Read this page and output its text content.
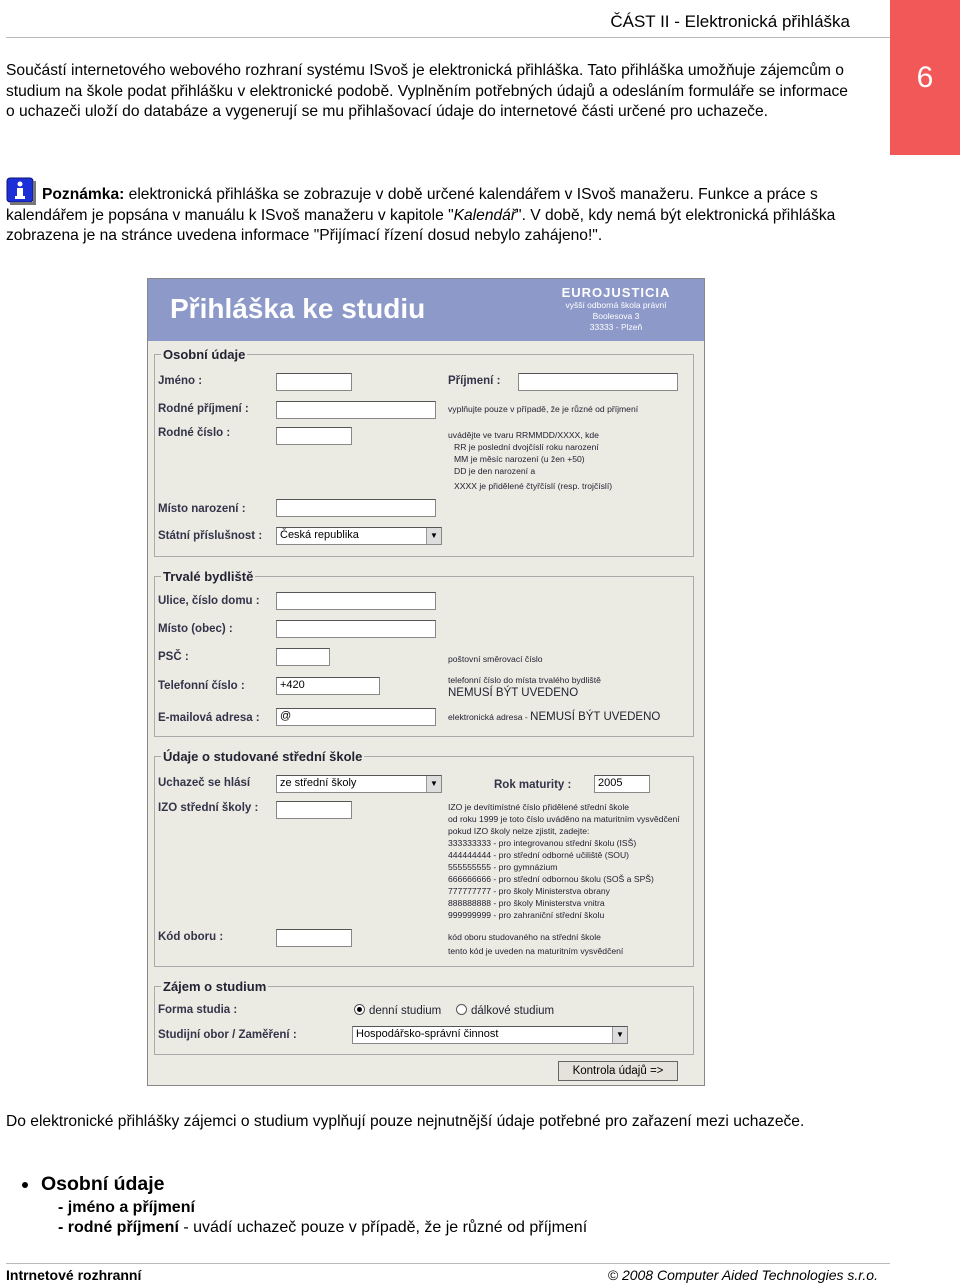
ČÁST II - Elektronická přihláška
6
Součástí internetového webového rozhraní systému ISvoš je elektronická přihláška. Tato přihláška umožňuje zájemcům o studium na škole podat přihlášku v elektronické podobě. Vyplněním potřebných údajů a odesláním formuláře se informace o uchazeči uloží do databáze a vygenerují se mu přihlašovací údaje do internetové části určené pro uchazeče.
Poznámka: elektronická přihláška se zobrazuje v době určené kalendářem v ISvoš manažeru. Funkce a práce s kalendářem je popsána v manuálu k ISvoš manažeru v kapitole "Kalendář". V době, kdy nemá být elektronická přihláška zobrazena je na stránce uvedena informace "Přijímací řízení dosud nebylo zahájeno!".
Přihláška ke studiu
EUROJUSTICIA
vyšší odborná škola právní
Boolesova 3
33333 - Plzeň
Osobní údaje
Jméno :	Příjmení :
Rodné příjmení :	vyplňujte pouze v případě, že je různé od příjmení
Rodné číslo :	uvádějte ve tvaru RRMMDD/XXXX, kde
RR je poslední dvojčíslí roku narození
MM je měsíc narození (u žen +50)
DD je den narození a
XXXX je přidělené čtyřčíslí (resp. trojčíslí)
Místo narození :
Státní příslušnost :	Česká republika	▼
Trvalé bydliště
Ulice, číslo domu :
Místo (obec) :
PSČ :	poštovní směrovací číslo
Telefonní číslo :	+420	telefonní číslo do místa trvalého bydliště
NEMUSÍ BÝT UVEDENO
E-mailová adresa :	@	elektronická adresa - NEMUSÍ BÝT UVEDENO
Údaje o studované střední škole
Uchazeč se hlásí	ze střední školy	▼	Rok maturity :	2005
IZO střední školy :	IZO je devítimístné číslo přidělené střední škole
od roku 1999 je toto číslo uváděno na maturitním vysvědčení
pokud IZO školy nelze zjistit, zadejte:
333333333 - pro integrovanou střední školu (ISŠ)
444444444 - pro střední odborné učiliště (SOU)
555555555 - pro gymnázium
666666666 - pro střední odbornou školu (SOŠ a SPŠ)
777777777 - pro školy Ministerstva obrany
888888888 - pro školy Ministerstva vnitra
999999999 - pro zahraniční střední školu
Kód oboru :	kód oboru studovaného na střední škole
tento kód je uveden na maturitním vysvědčení
Zájem o studium
Forma studia :	denní studium	dálkové studium
Studijní obor / Zaměření :	Hospodářsko-správní činnost	▼
Kontrola údajů =>
Do elektronické přihlášky zájemci o studium vyplňují pouze nejnutnější údaje potřebné pro zařazení mezi uchazeče.
Osobní údaje
- jméno a příjmení
- rodné příjmení - uvádí uchazeč pouze v případě, že je různé od příjmení
Intrnetové rozhranní	© 2008 Computer Aided Technologies s.r.o.
